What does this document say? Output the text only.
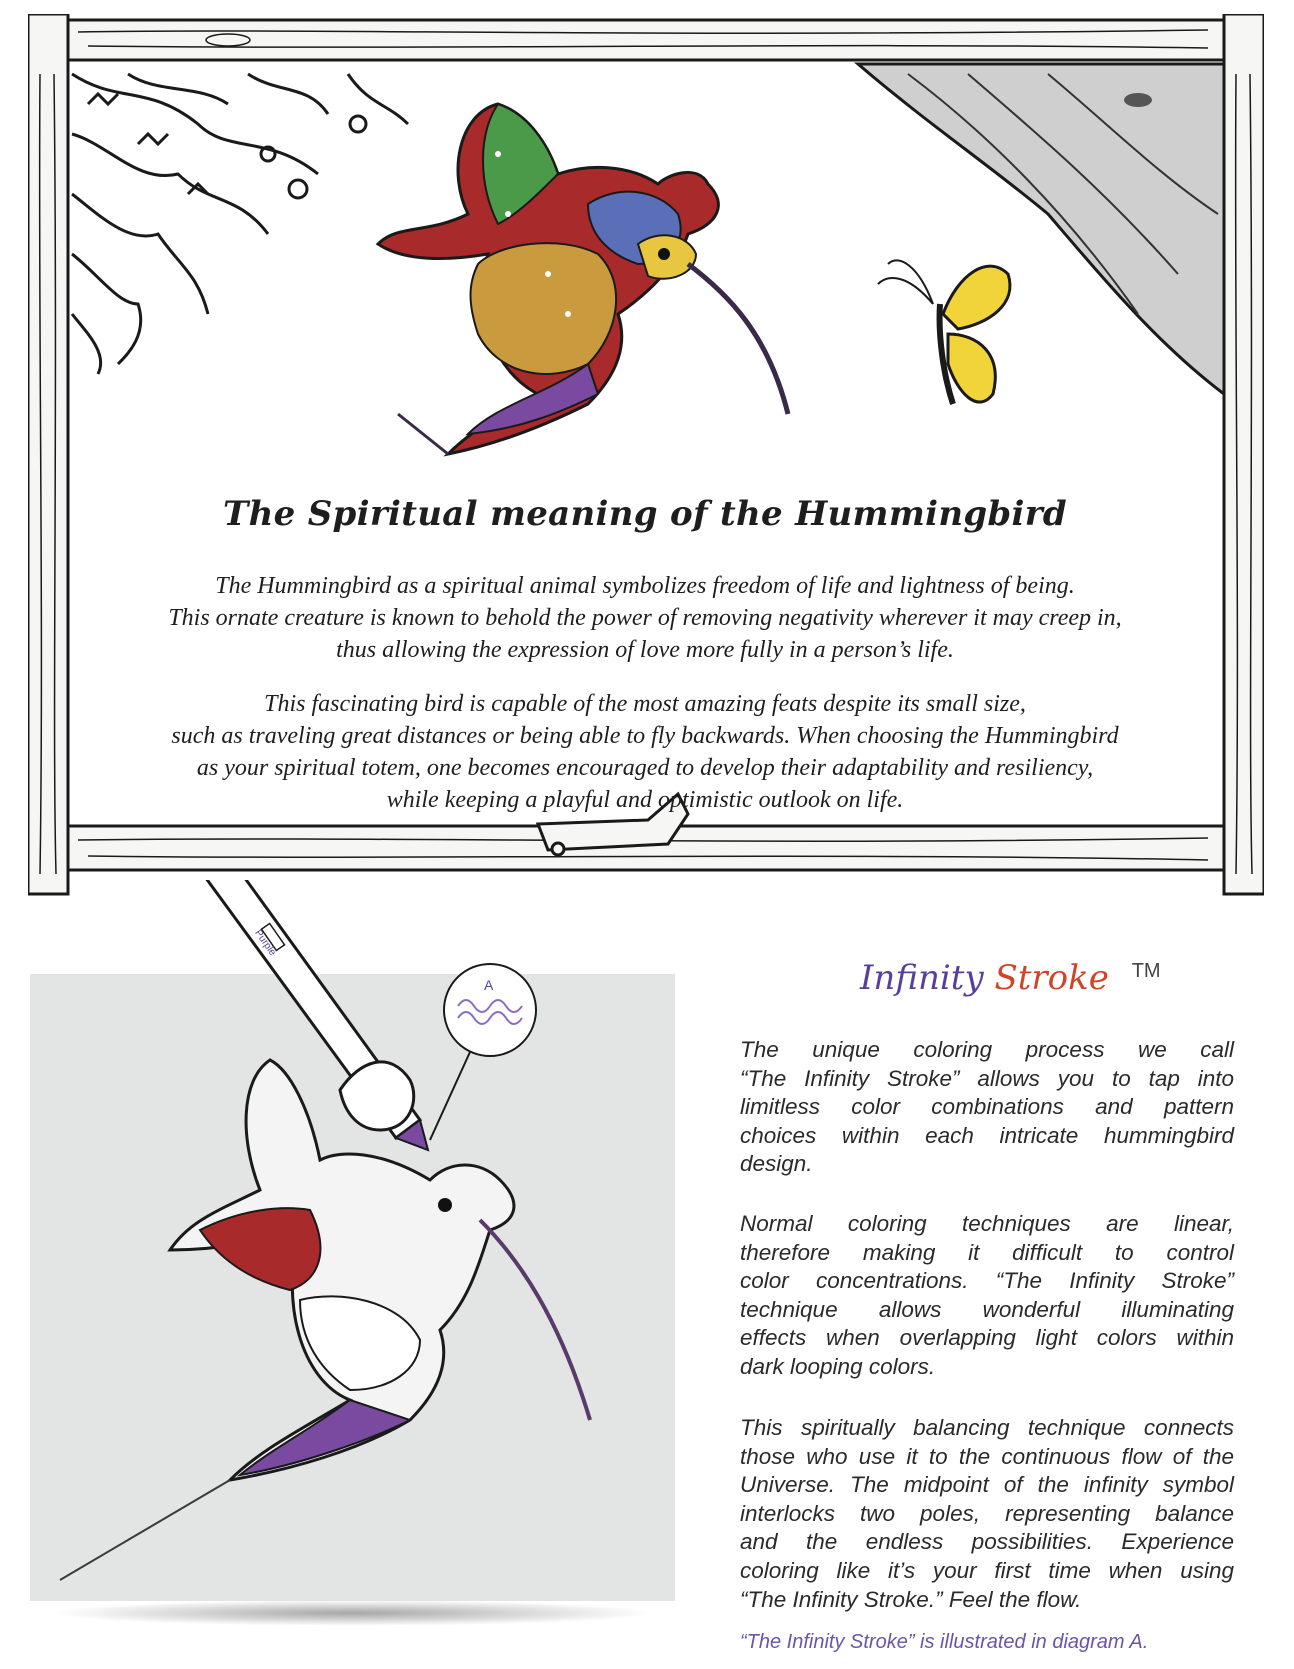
The Spiritual meaning of the Hummingbird

The Hummingbird as a spiritual animal symbolizes freedom of life and lightness of being.
This ornate creature is known to behold the power of removing negativity wherever it may creep in,
thus allowing the expression of love more fully in a person’s life.

This fascinating bird is capable of the most amazing feats despite its small size,
such as traveling great distances or being able to fly backwards. When choosing the Hummingbird
as your spiritual totem, one becomes encouraged to develop their adaptability and resiliency,
while keeping a playful and optimistic outlook on life.

Purple
A	Infinity Stroke ™

The unique coloring process we call
“The Infinity Stroke” allows you to tap into
limitless color combinations and pattern
choices within each intricate hummingbird
design.

Normal coloring techniques are linear,
therefore making it difficult to control
color concentrations. “The Infinity Stroke”
technique allows wonderful illuminating
effects when overlapping light colors within
dark looping colors.

This spiritually balancing technique connects
those who use it to the continuous flow of the
Universe. The midpoint of the infinity symbol
interlocks two poles, representing balance
and the endless possibilities. Experience
coloring like it’s your first time when using
“The Infinity Stroke.” Feel the flow.

“The Infinity Stroke” is illustrated in diagram A.
